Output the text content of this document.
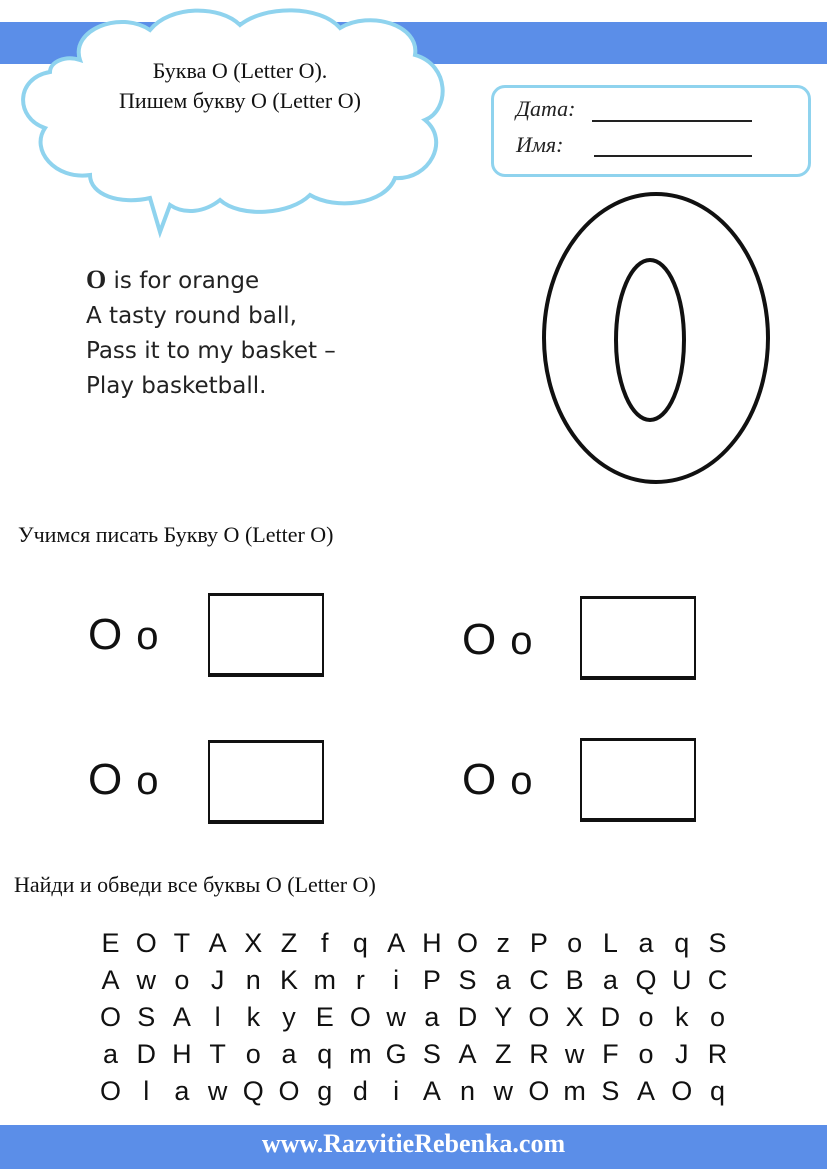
Буква О (Letter O).
Пишем букву О (Letter O)	Дата:
Имя:
O is for orange
A tasty round ball,
Pass it to my basket –
Play basketball.
Учимся писать Букву О (Letter O)
O o	O o
O o	O o
Найди и обведи все буквы О (Letter O)
E O T A X Z f q A H O z P o L a q S
A w o J n K m r	i P S a C B a Q U C
O S A l k y E O w a D Y O X D o k o
a D H T o a q m G S A Z R w F o J R
O l a w Q O g d i A n w O m S A O q
www.RazvitieRebenka.com
